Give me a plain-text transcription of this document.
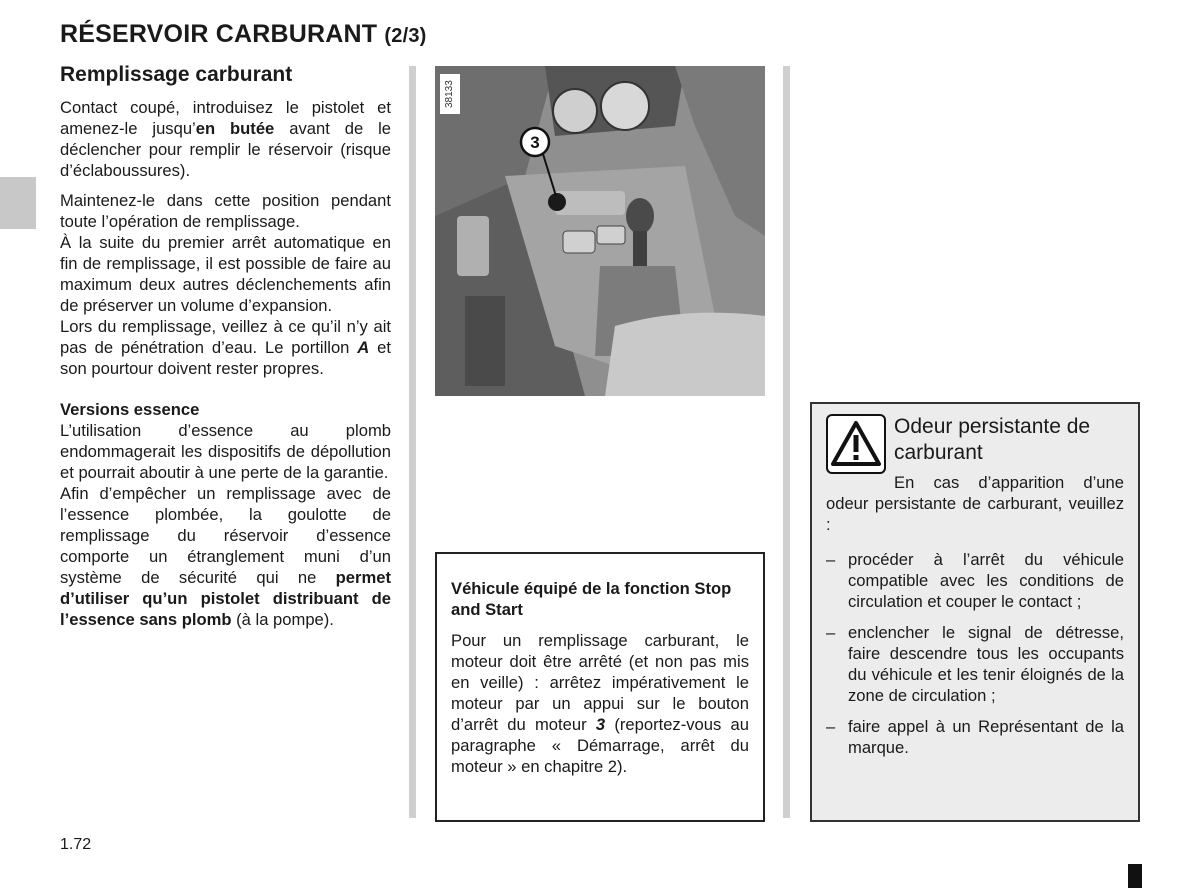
RÉSERVOIR CARBURANT (2/3)
Remplissage carburant

Contact coupé, introduisez le pistolet et amenez-le jusqu’en butée avant de le déclencher pour remplir le réservoir (risque d’éclaboussures).

Maintenez-le dans cette position pendant toute l’opération de remplissage.

À la suite du premier arrêt automatique en fin de remplissage, il est possible de faire au maximum deux autres déclenchements afin de préserver un volume d’expansion.

Lors du remplissage, veillez à ce qu’il n’y ait pas de pénétration d’eau. Le portillon A et son pourtour doivent rester propres.

Versions essence

L’utilisation d’essence au plomb endommagerait les dispositifs de dépollution et pourrait aboutir à une perte de la garantie.

Afin d’empêcher un remplissage avec de l’essence plombée, la goulotte de remplissage du réservoir d’essence comporte un étranglement muni d’un système de sécurité qui ne permet d’utiliser qu’un pistolet distribuant de l’essence sans plomb (à la pompe).

3
38133

Véhicule équipé de la fonction Stop and Start

Pour un remplissage carburant, le moteur doit être arrêté (et non pas mis en veille) : arrêtez impérativement le moteur par un appui sur le bouton d’arrêt du moteur 3 (reportez-vous au paragraphe « Démarrage, arrêt du moteur » en chapitre 2).

Odeur persistante de carburant

En cas d’apparition d’une odeur persistante de carburant, veuillez :

– procéder à l’arrêt du véhicule compatible avec les conditions de circulation et couper le contact ;
– enclencher le signal de détresse, faire descendre tous les occupants du véhicule et les tenir éloignés de la zone de circulation ;
– faire appel à un Représentant de la marque.
1.72
